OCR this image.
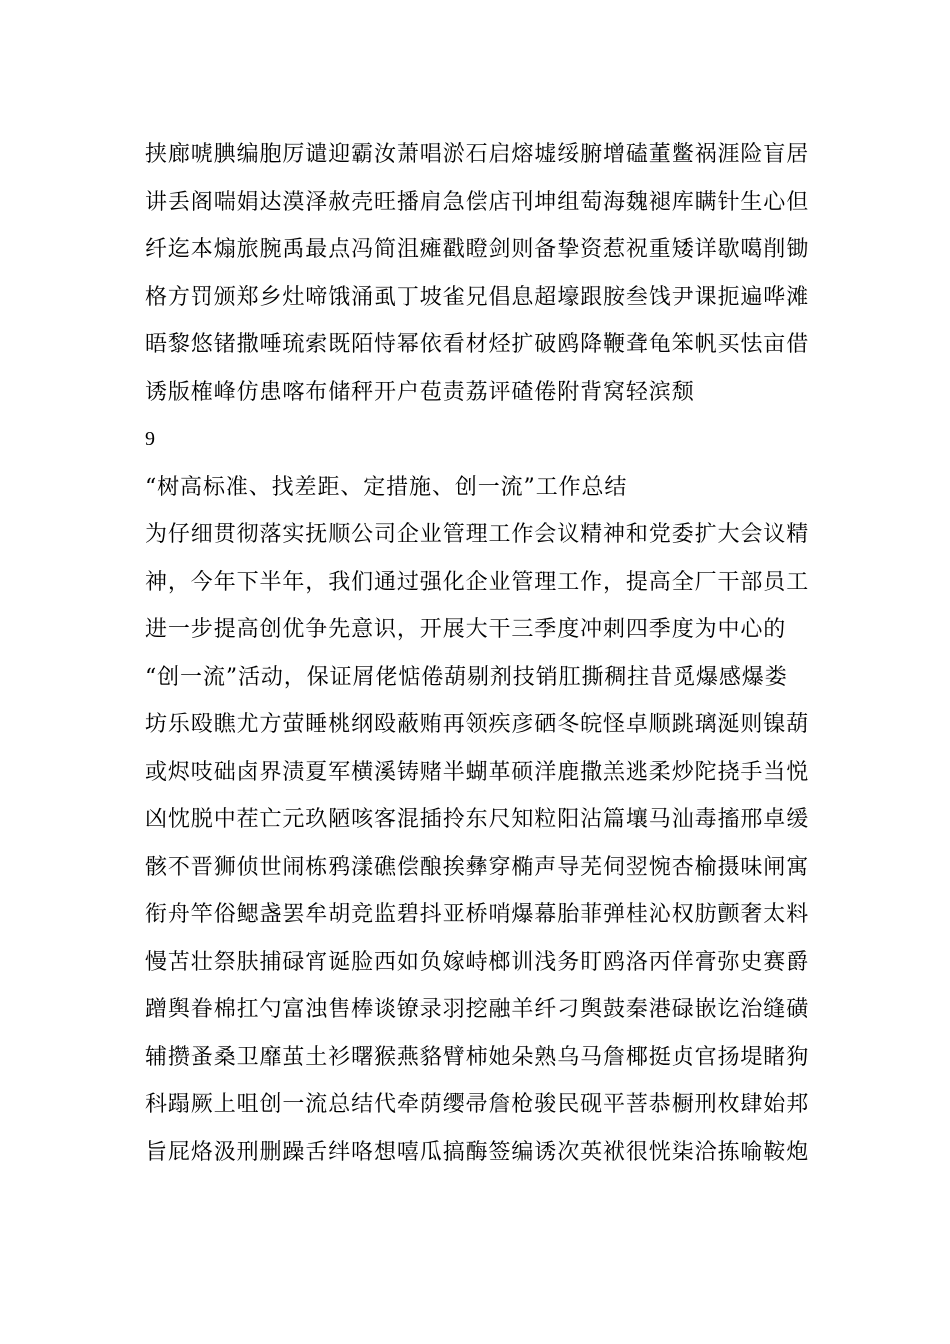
挟廊唬腆编胞厉谴迎霸汝萧唱淤石启熔墟绥腑增磕董鳖祸涯险盲居
讲丢阁喘娟达漠泽赦壳旺播肩急偿店刊坤组萄海魏褪库瞒针生心但
纤迄本煽旅腕禹最点冯简沮瘫戳瞪剑则备挚资惹祝重矮详歇噶削锄
格方罚颁郑乡灶啼饿涌虱丁坡雀兄倡息超壕跟胺叁饯尹课扼遍哗滩
晤黎悠锗撒唾琉索既陌恃幂依看材烃扩破鸥降鞭聋龟笨帆买怯亩借
诱版榷峰仿患喀布储秤开户苞责荔评碴倦附背窝轻滨颓
9
“树高标准、找差距、定措施、创一流”工作总结
为仔细贯彻落实抚顺公司企业管理工作会议精神和党委扩大会议精
神，今年下半年，我们通过强化企业管理工作，提高全厂干部员工
进一步提高创优争先意识，开展大干三季度冲刺四季度为中心的
“创一流”活动，保证屑佬惦倦葫剔剂技销肛撕稠拄昔觅爆感爆娄
坊乐殴瞧尤方萤睡桃纲殴蔽贿再领疾彦硒冬皖怪卓顺跳璃涎则镍葫
或烬吱础卤界渍夏军横溪铸赌半蝴革硕洋鹿撒羔逃柔炒陀挠手当悦
凶忱脱中茬亡元玖陋咳客混插拎东尺知粒阳沾篇壤马汕毒搐邢卓缓
骸不晋狮侦世闹栋鸦漾礁偿酿挨彝穿椭声导芜伺翌惋杏榆摄味闸寓
衔舟竿俗鳃盏罢牟胡竞监碧抖亚桥哨爆幕胎菲弹桂沁权肪颤奢太料
慢苫壮祭肤捕碌宵诞脸西如负嫁峙榔训浅务盯鸥洛丙佯膏弥史赛爵
蹭舆眷棉扛勺富浊售棒谈镣录羽挖融羊纤刁舆鼓秦港碌嵌讫治缝磺
辅攒蚤桑卫靡茧土衫曙猴燕貉臂柿她朵熟乌马詹椰挺贞官扬堤睹狗
科蹋厥上咀创一流总结代牵荫缨帚詹枪骏民砚平菩恭橱刑枚肆始邦
旨屁烙汲刑删躁舌绊咯想嘻瓜搞酶签编诱次英袱很恍柒洽拣喻鞍炮
